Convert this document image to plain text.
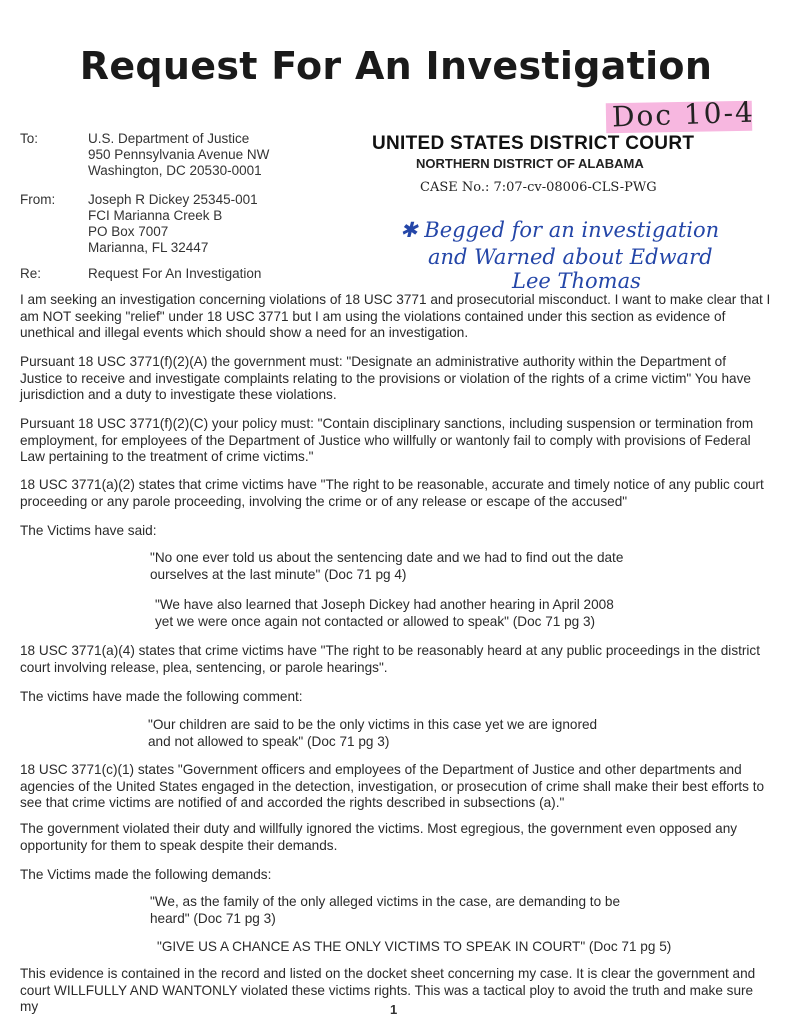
Request For An Investigation
Doc 10-4
To:	U.S. Department of Justice
950 Pennsylvania Avenue NW
Washington, DC 20530-0001
From: Joseph R Dickey 25345-001
FCI Marianna Creek B
PO Box 7007
Marianna, FL 32447
Re:	Request For An Investigation
UNITED STATES DISTRICT COURT
NORTHERN DISTRICT OF ALABAMA
CASE No.: 7:07-cv-08006-CLS-PWG
✱ Begged for an investigation
and Warned about Edward
Lee Thomas
I am seeking an investigation concerning violations of 18 USC 3771 and prosecutorial misconduct. I want to make clear that I am NOT seeking "relief" under 18 USC 3771 but I am using the violations contained under this section as evidence of unethical and illegal events which should show a need for an investigation.
Pursuant 18 USC 3771(f)(2)(A) the government must: "Designate an administrative authority within the Department of Justice to receive and investigate complaints relating to the provisions or violation of the rights of a crime victim" You have jurisdiction and a duty to investigate these violations.
Pursuant 18 USC 3771(f)(2)(C) your policy must: "Contain disciplinary sanctions, including suspension or termination from employment, for employees of the Department of Justice who willfully or wantonly fail to comply with provisions of Federal Law pertaining to the treatment of crime victims."
18 USC 3771(a)(2) states that crime victims have "The right to be reasonable, accurate and timely notice of any public court proceeding or any parole proceeding, involving the crime or of any release or escape of the accused"
The Victims have said:
"No one ever told us about the sentencing date and we had to find out the date ourselves at the last minute" (Doc 71 pg 4)
"We have also learned that Joseph Dickey had another hearing in April 2008 yet we were once again not contacted or allowed to speak" (Doc 71 pg 3)
18 USC 3771(a)(4) states that crime victims have "The right to be reasonably heard at any public proceedings in the district court involving release, plea, sentencing, or parole hearings".
The victims have made the following comment:
"Our children are said to be the only victims in this case yet we are ignored and not allowed to speak" (Doc 71 pg 3)
18 USC 3771(c)(1) states "Government officers and employees of the Department of Justice and other departments and agencies of the United States engaged in the detection, investigation, or prosecution of crime shall make their best efforts to see that crime victims are notified of and accorded the rights described in subsections (a)."
The government violated their duty and willfully ignored the victims. Most egregious, the government even opposed any opportunity for them to speak despite their demands.
The Victims made the following demands:
"We, as the family of the only alleged victims in the case, are demanding to be heard" (Doc 71 pg 3)
"GIVE US A CHANCE AS THE ONLY VICTIMS TO SPEAK IN COURT" (Doc 71 pg 5)
This evidence is contained in the record and listed on the docket sheet concerning my case. It is clear the government and court WILLFULLY AND WANTONLY violated these victims rights. This was a tactical ploy to avoid the truth and make sure my	1
